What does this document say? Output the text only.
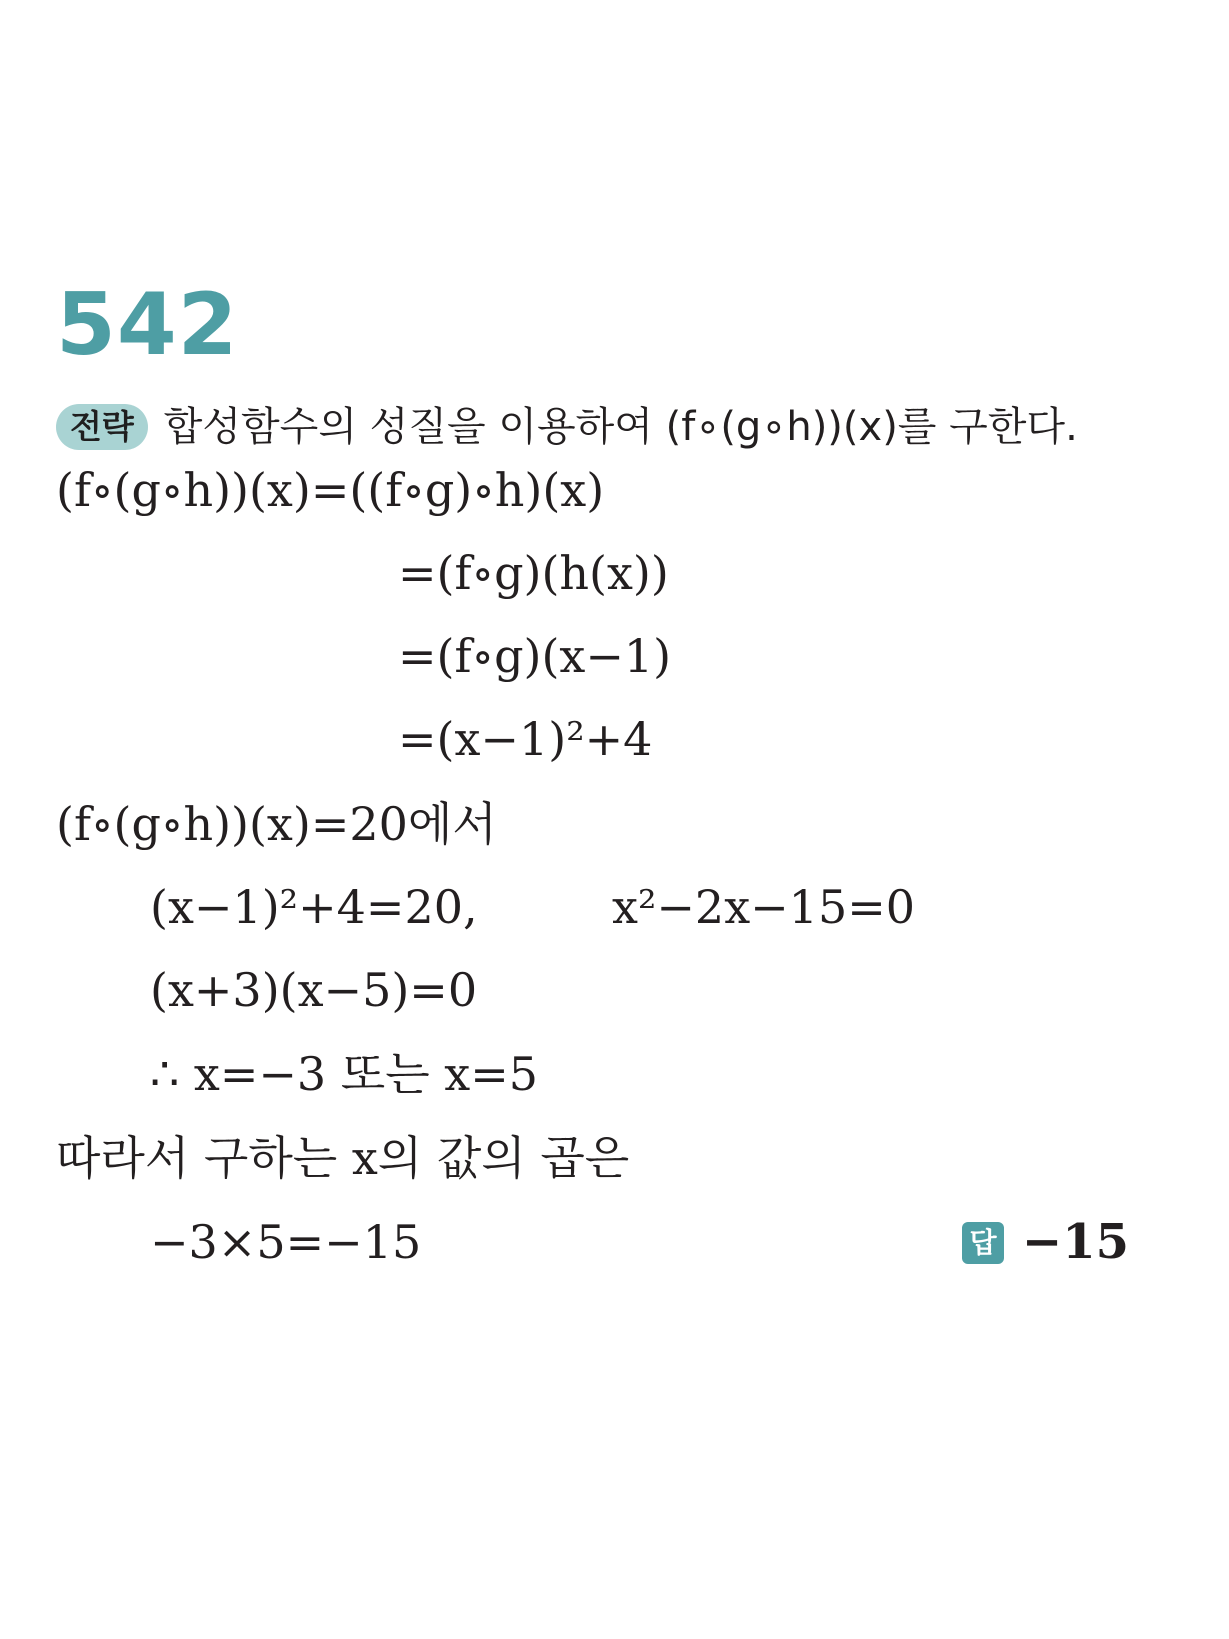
542
전략 합성함수의 성질을 이용하여 (f∘(g∘h))(x)를 구한다.
(f∘(g∘h))(x)=((f∘g)∘h)(x)
=(f∘g)(h(x))
=(f∘g)(x−1)
=(x−1)²+4
(f∘(g∘h))(x)=20에서
(x−1)²+4=20,	x²−2x−15=0
(x+3)(x−5)=0
∴ x=−3 또는 x=5
따라서 구하는 x의 값의 곱은
−3×5=−15	답 −15
